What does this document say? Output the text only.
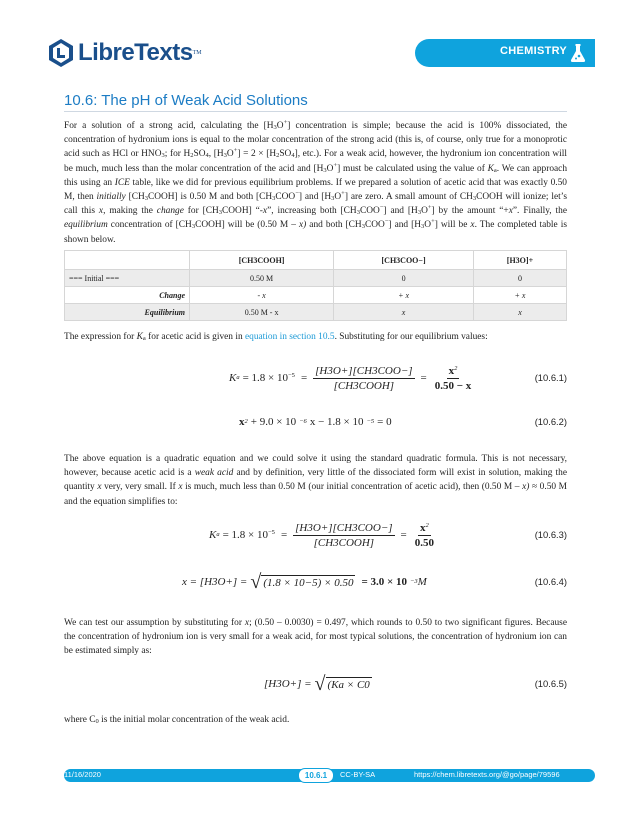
LibreTexts TM	CHEMISTRY
10.6: The pH of Weak Acid Solutions
For a solution of a strong acid, calculating the $[H_3O^+]$ concentration is simple; because the acid is 100% dissociated, the concentration of hydronium ions is equal to the molar concentration of the strong acid (this is, of course, only true for a monoprotic acid such as HCl or $HNO_3$; for $H_2SO_4$, $[H_3O^+] = 2 \times [H_2SO_4]$, etc.). For a weak acid, however, the hydronium ion concentration will be much, much less than the molar concentration of the acid and $[H_3O^+]$ must be calculated using the value of $K_a$. We can approach this using an ICE table, like we did for previous equilibrium problems. If we prepared a solution of acetic acid that was exactly 0.50 M, then initially $[CH_3COOH]$ is 0.50 M and both $[CH_3COO^-]$ and $[H_3O^+]$ are zero. A small amount of $CH_3COOH$ will ionize; let’s call this x, making the change for $[CH_3COOH]$ “-x”, increasing both $[CH_3COO^-]$ and $[H_3O^+]$ by the amount “+x”. Finally, the equilibrium concentration of $[CH_3COOH]$ will be (0.50 M – x) and both $[CH_3COO^-]$ and $[H_3O^+]$ will be x. The completed table is shown below.
	[CH3COOH]	[CH3COO−]	[H3O]+
=== Initial ===	0.50 M	0	0
Change	- x	+ x	+ x
Equilibrium	0.50 M - x	x	x
The expression for $K_a$ for acetic acid is given in equation in section 10.5. Substituting for our equilibrium values:
K $a = 1.8 \times 10^{-5} = \frac{\text{[H3O+][CH3COO−]}}{\text{[CH3COOH]}} = \frac{x^2}{0.50 - x}$	(10.6.1)
x 2 + 9.0 × 10 −6 x − 1.8 × 10 −5 = 0	(10.6.2)
The above equation is a quadratic equation and we could solve it using the standard quadratic formula. This is not necessary, however, because acetic acid is a weak acid and by definition, very little of the dissociated form will exist in solution, making the quantity x very, very small. If x is much, much less than 0.50 M (our initial concentration of acetic acid), then (0.50 M – x) ≈ 0.50 M and the equation simplifies to:
K $a = 1.8 \times 10^{-5} = \frac{\text{[H3O+][CH3COO−]}}{\text{[CH3COOH]}} = \frac{x^2}{0.50}$	(10.6.3)
x = [H3O+] = √ (1.8 × 10−5) × 0.50 = 3.0 × 10 −3 M	(10.6.4)
We can test our assumption by substituting for x; (0.50 – 0.0030) = 0.497, which rounds to 0.50 to two significant figures. Because the concentration of hydronium ion is very small for a weak acid, for most typical solutions, the concentration of hydronium ion can be estimated simply as:
[H3O+] = √ (Ka × C0	(10.6.5)
where $C_0$ is the initial molar concentration of the weak acid.
11/16/2020	10.6.1	CC-BY-SA	https://chem.libretexts.org/@go/page/79596
